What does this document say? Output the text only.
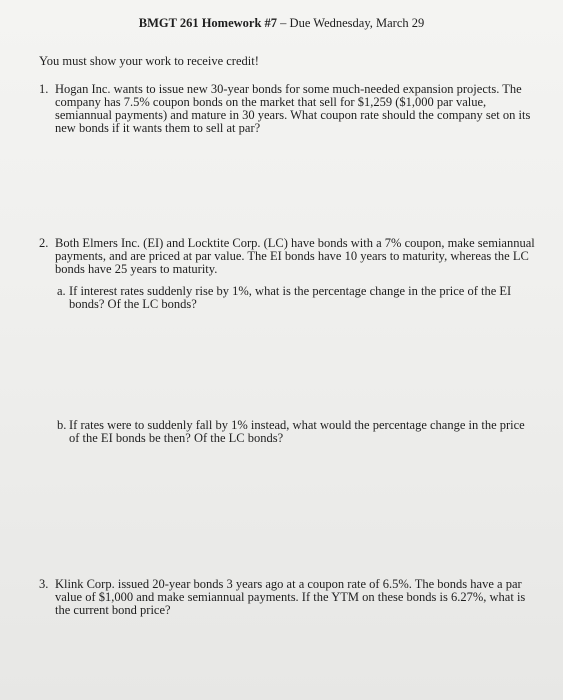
BMGT 261 Homework #7 – Due Wednesday, March 29
You must show your work to receive credit!
1. Hogan Inc. wants to issue new 30-year bonds for some much-needed expansion projects. The company has 7.5% coupon bonds on the market that sell for $1,259 ($1,000 par value, semiannual payments) and mature in 30 years. What coupon rate should the company set on its new bonds if it wants them to sell at par?
2. Both Elmers Inc. (EI) and Locktite Corp. (LC) have bonds with a 7% coupon, make semiannual payments, and are priced at par value. The EI bonds have 10 years to maturity, whereas the LC bonds have 25 years to maturity.
a. If interest rates suddenly rise by 1%, what is the percentage change in the price of the EI bonds? Of the LC bonds?
b. If rates were to suddenly fall by 1% instead, what would the percentage change in the price of the EI bonds be then? Of the LC bonds?
3. Klink Corp. issued 20-year bonds 3 years ago at a coupon rate of 6.5%. The bonds have a par value of $1,000 and make semiannual payments. If the YTM on these bonds is 6.27%, what is the current bond price?
